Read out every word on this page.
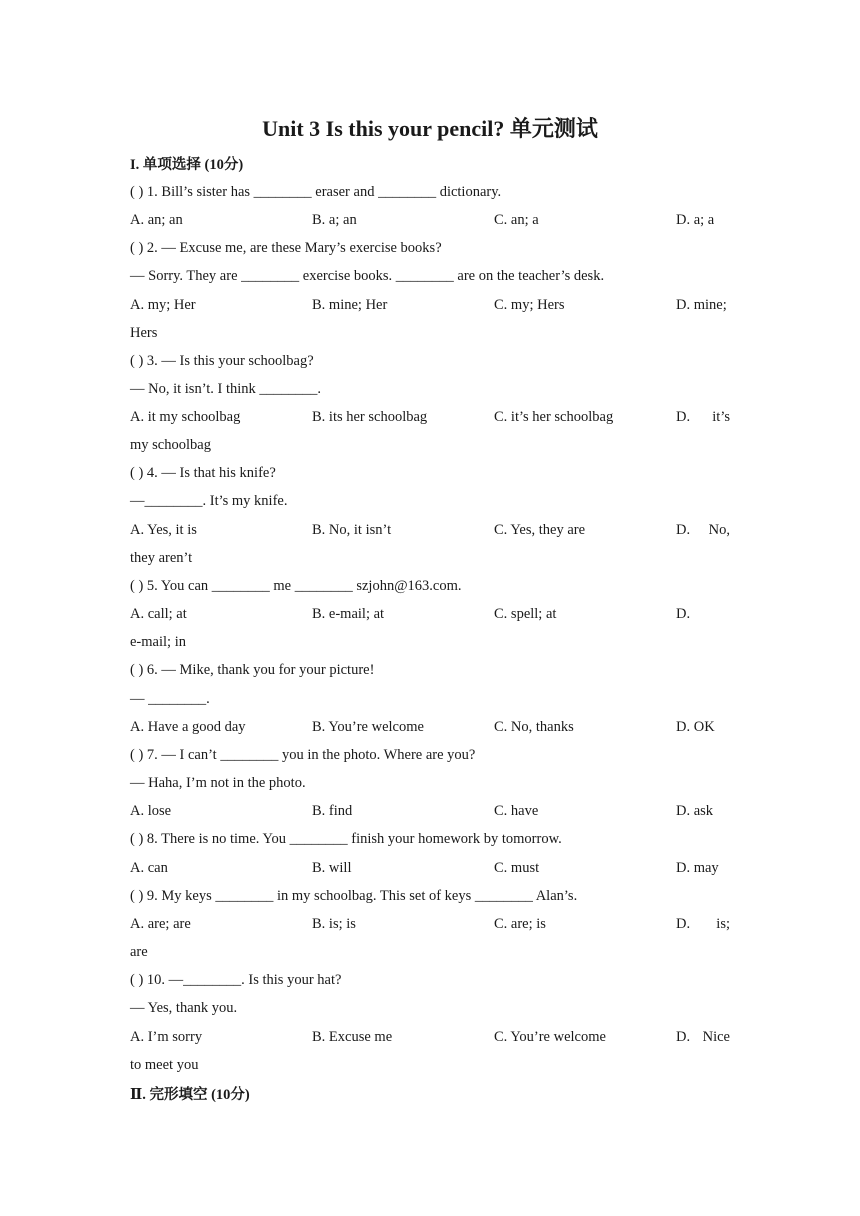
Unit 3 Is this your pencil? 单元测试
I. 单项选择 (10分)
( ) 1. Bill’s sister has ________ eraser and ________ dictionary.
A. an; an	B. a; an	C. an; a	D. a; a
( ) 2. — Excuse me, are these Mary’s exercise books?
— Sorry. They are ________ exercise books. ________ are on the teacher’s desk.
A. my; Her	B. mine; Her	C. my; Hers	D. mine;
Hers
( ) 3. — Is this your schoolbag?
— No, it isn’t. I think ________.
A. it my schoolbag	B. its her schoolbag	C. it’s her schoolbag	D. it’s
my schoolbag
( ) 4. — Is that his knife?
—________. It’s my knife.
A. Yes, it is	B. No, it isn’t	C. Yes, they are	D. No,
they aren’t
( ) 5. You can ________ me ________ szjohn@163.com.
A. call; at	B. e-mail; at	C. spell; at	D.
e-mail; in
( ) 6. — Mike, thank you for your picture!
— ________.
A. Have a good day	B. You’re welcome	C. No, thanks	D. OK
( ) 7. — I can’t ________ you in the photo. Where are you?
— Haha, I’m not in the photo.
A. lose	B. find	C. have	D. ask
( ) 8. There is no time. You ________ finish your homework by tomorrow.
A. can	B. will	C. must	D. may
( ) 9. My keys ________ in my schoolbag. This set of keys ________ Alan’s.
A. are; are	B. is; is	C. are; is	D. is;
are
( ) 10. —________. Is this your hat?
— Yes, thank you.
A. I’m sorry	B. Excuse me	C. You’re welcome	D. Nice
to meet you
Ⅱ. 完形填空 (10分)
